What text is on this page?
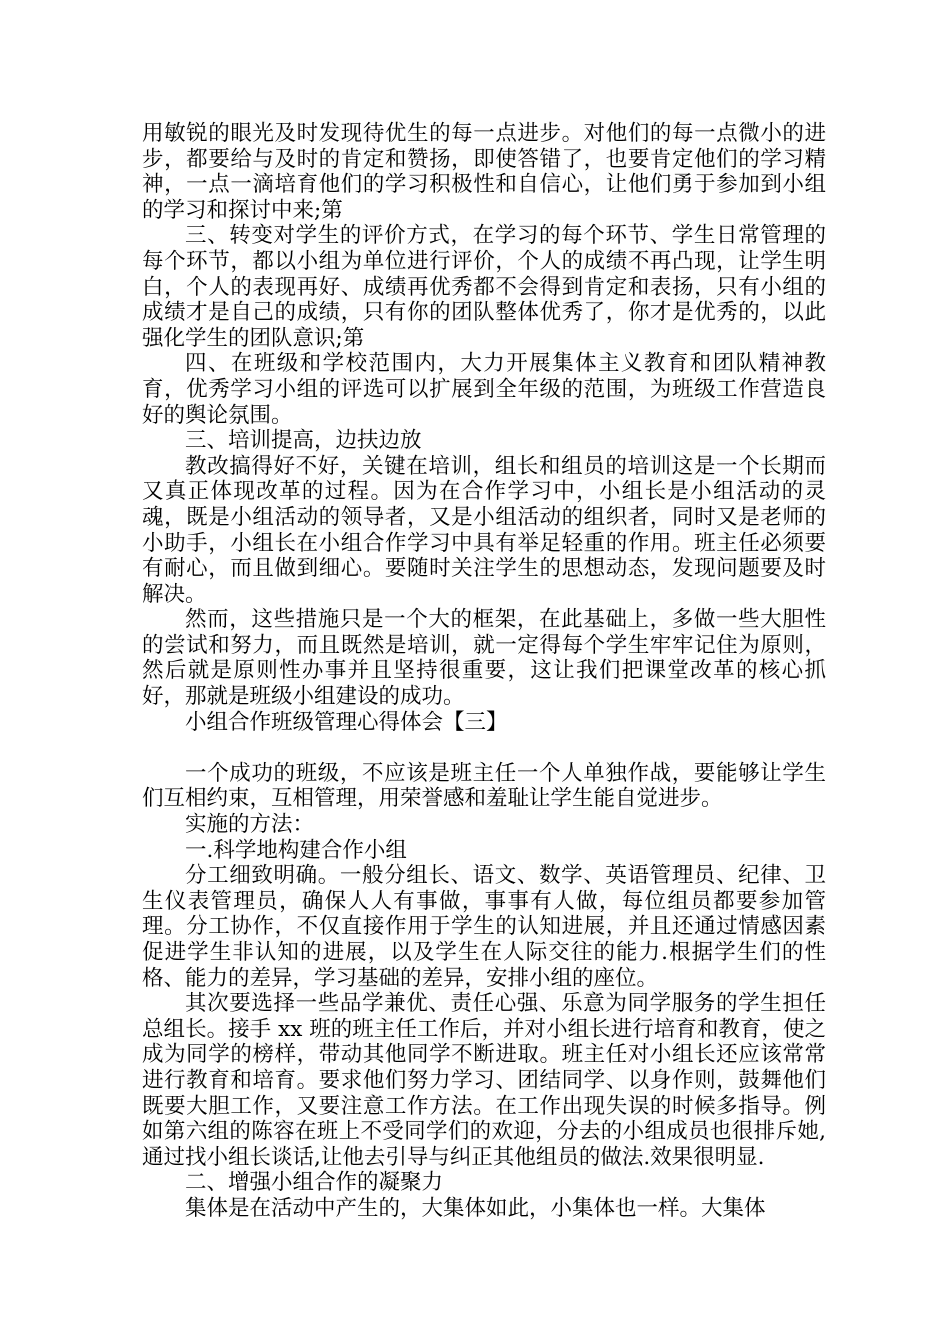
用敏锐的眼光及时发现待优生的每一点进步。对他们的每一点微小的进步，都要给与及时的肯定和赞扬，即使答错了，也要肯定他们的学习精神，一点一滴培育他们的学习积极性和自信心，让他们勇于参加到小组的学习和探讨中来;第

三、转变对学生的评价方式，在学习的每个环节、学生日常管理的每个环节，都以小组为单位进行评价，个人的成绩不再凸现，让学生明白，个人的表现再好、成绩再优秀都不会得到肯定和表扬，只有小组的成绩才是自己的成绩，只有你的团队整体优秀了，你才是优秀的，以此强化学生的团队意识;第

四、在班级和学校范围内，大力开展集体主义教育和团队精神教育，优秀学习小组的评选可以扩展到全年级的范围，为班级工作营造良好的舆论氛围。

三、培训提高，边扶边放

教改搞得好不好，关键在培训，组长和组员的培训这是一个长期而又真正体现改革的过程。因为在合作学习中，小组长是小组活动的灵魂，既是小组活动的领导者，又是小组活动的组织者，同时又是老师的小助手，小组长在小组合作学习中具有举足轻重的作用。班主任必须要有耐心，而且做到细心。要随时关注学生的思想动态，发现问题要及时解决。

然而，这些措施只是一个大的框架，在此基础上，多做一些大胆性的尝试和努力，而且既然是培训，就一定得每个学生牢牢记住为原则，然后就是原则性办事并且坚持很重要，这让我们把课堂改革的核心抓好，那就是班级小组建设的成功。

小组合作班级管理心得体会【三】

一个成功的班级，不应该是班主任一个人单独作战，要能够让学生们互相约束，互相管理，用荣誉感和羞耻让学生能自觉进步。

实施的方法：

一.科学地构建合作小组

分工细致明确。一般分组长、语文、数学、英语管理员、纪律、卫生仪表管理员，确保人人有事做，事事有人做，每位组员都要参加管理。分工协作，不仅直接作用于学生的认知进展，并且还通过情感因素促进学生非认知的进展，以及学生在人际交往的能力.根据学生们的性格、能力的差异，学习基础的差异，安排小组的座位。

其次要选择一些品学兼优、责任心强、乐意为同学服务的学生担任总组长。接手 xx 班的班主任工作后，并对小组长进行培育和教育，使之成为同学的榜样，带动其他同学不断进取。班主任对小组长还应该常常进行教育和培育。要求他们努力学习、团结同学、以身作则，鼓舞他们既要大胆工作，又要注意工作方法。在工作出现失误的时候多指导。例如第六组的陈容在班上不受同学们的欢迎，分去的小组成员也很排斥她,通过找小组长谈话,让他去引导与纠正其他组员的做法.效果很明显.

二、增强小组合作的凝聚力

集体是在活动中产生的，大集体如此，小集体也一样。大集体
